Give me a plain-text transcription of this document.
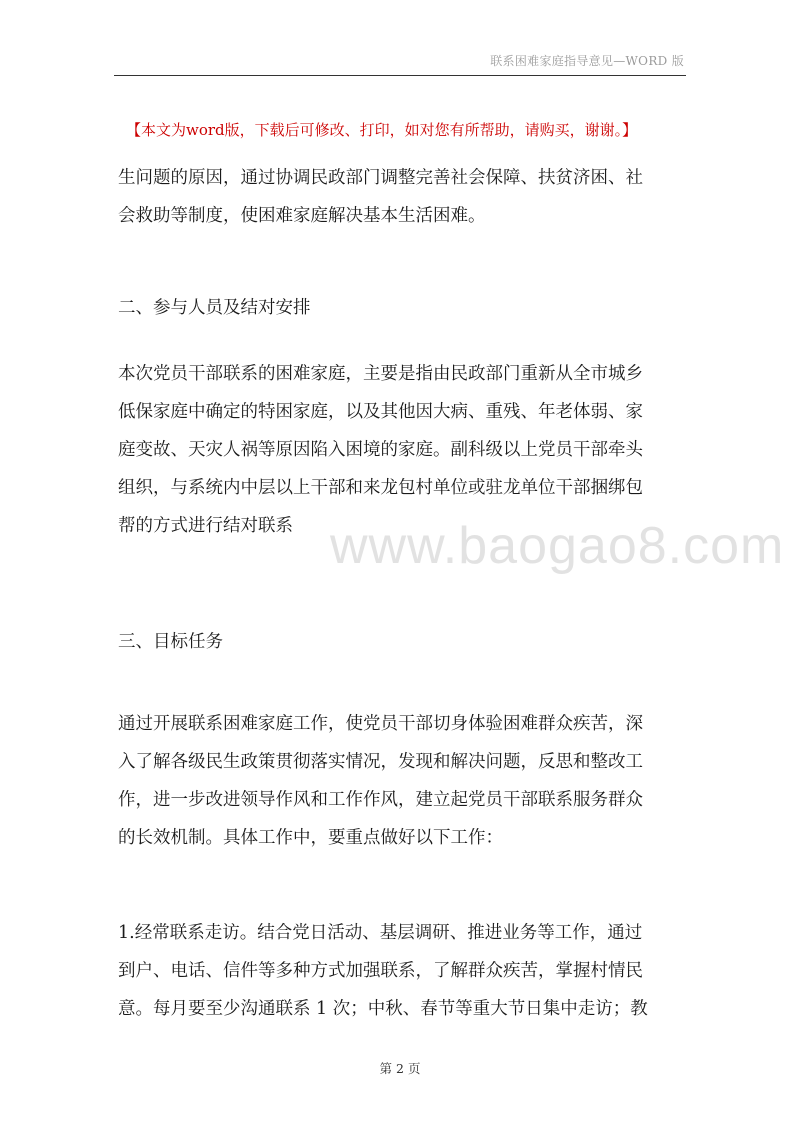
联系困难家庭指导意见—WORD 版
【本文为word版，下载后可修改、打印，如对您有所帮助，请购买，谢谢。】
生问题的原因，通过协调民政部门调整完善社会保障、扶贫济困、社
会救助等制度，使困难家庭解决基本生活困难。
二、参与人员及结对安排
本次党员干部联系的困难家庭，主要是指由民政部门重新从全市城乡
低保家庭中确定的特困家庭，以及其他因大病、重残、年老体弱、家
庭变故、天灾人祸等原因陷入困境的家庭。副科级以上党员干部牵头
组织，与系统内中层以上干部和来龙包村单位或驻龙单位干部捆绑包
帮的方式进行结对联系
三、目标任务
通过开展联系困难家庭工作，使党员干部切身体验困难群众疾苦，深
入了解各级民生政策贯彻落实情况，发现和解决问题，反思和整改工
作，进一步改进领导作风和工作作风，建立起党员干部联系服务群众
的长效机制。具体工作中，要重点做好以下工作：
1.经常联系走访。结合党日活动、基层调研、推进业务等工作，通过
到户、电话、信件等多种方式加强联系，了解群众疾苦，掌握村情民
意。每月要至少沟通联系 1 次；中秋、春节等重大节日集中走访；教
www.baogao8.com
第 2 页
